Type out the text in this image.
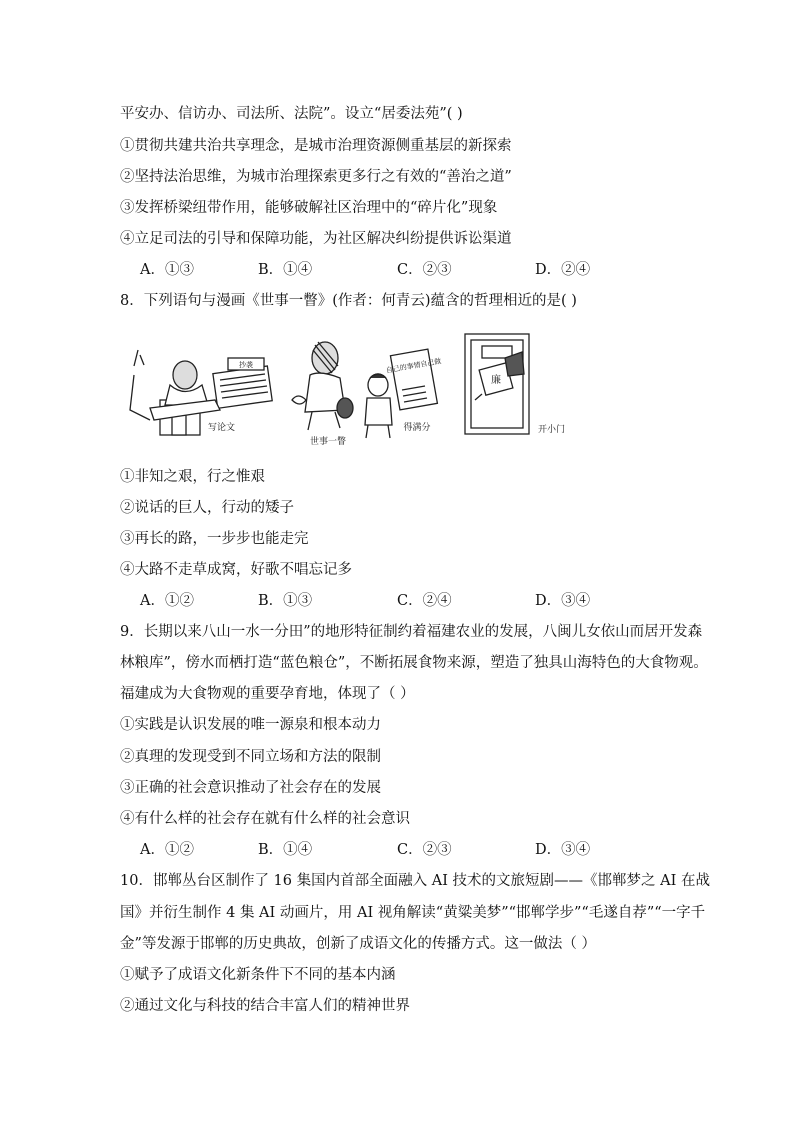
平安办、信访办、司法所、法院”。设立“居委法苑”( )
①贯彻共建共治共享理念，是城市治理资源侧重基层的新探索
②坚持法治思维，为城市治理探索更多行之有效的“善治之道”
③发挥桥梁纽带作用，能够破解社区治理中的“碎片化”现象
④立足司法的引导和保障功能，为社区解决纠纷提供诉讼渠道
A．①③	B．①④	C．②③	D．②④
8．下列语句与漫画《世事一瞥》(作者：何青云)蕴含的哲理相近的是( )
抄袭
写论文
世事一瞥
自己的事情自己做
得满分
廉
开小门
①非知之艰，行之惟艰
②说话的巨人，行动的矮子
③再长的路，一步步也能走完
④大路不走草成窝，好歌不唱忘记多
A．①②	B．①③	C．②④	D．③④
9．长期以来八山一水一分田”的地形特征制约着福建农业的发展，八闽儿女依山而居开发森
林粮库”，傍水而栖打造“蓝色粮仓”，不断拓展食物来源，塑造了独具山海特色的大食物观。
福建成为大食物观的重要孕育地，体现了（ ）
①实践是认识发展的唯一源泉和根本动力
②真理的发现受到不同立场和方法的限制
③正确的社会意识推动了社会存在的发展
④有什么样的社会存在就有什么样的社会意识
A．①②	B．①④	C．②③	D．③④
10．邯郸丛台区制作了 16 集国内首部全面融入 AI 技术的文旅短剧——《邯郸梦之 AI 在战
国》并衍生制作 4 集 AI 动画片，用 AI 视角解读“黄粱美梦”“邯郸学步”“毛遂自荐”“一字千
金”等发源于邯郸的历史典故，创新了成语文化的传播方式。这一做法（ ）
①赋予了成语文化新条件下不同的基本内涵
②通过文化与科技的结合丰富人们的精神世界
